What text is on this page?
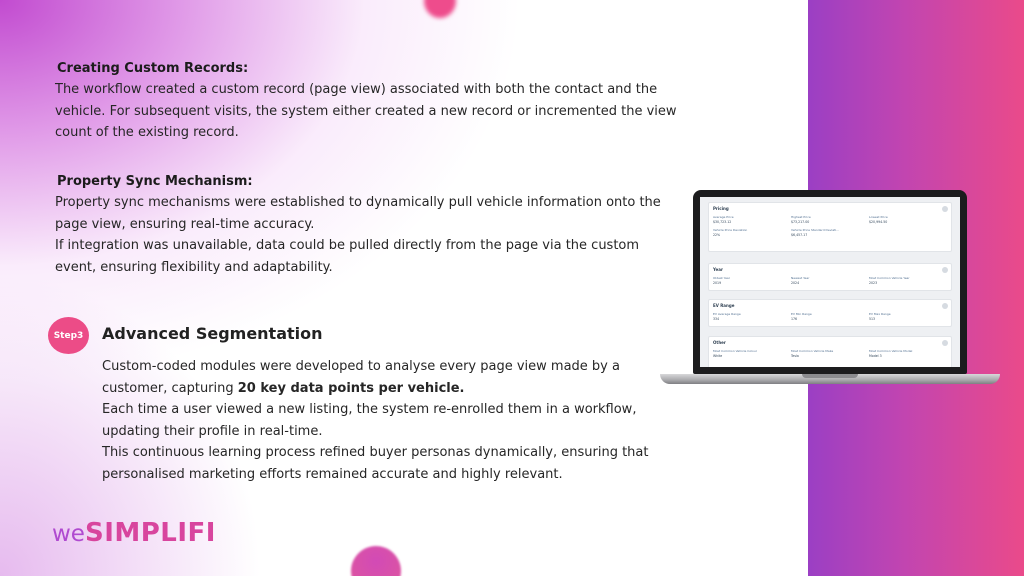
Creating Custom Records:
The workflow created a custom record (page view) associated with both the contact and the
vehicle. For subsequent visits, the system either created a new record or incremented the view
count of the existing record.
Property Sync Mechanism:
Property sync mechanisms were established to dynamically pull vehicle information onto the
page view, ensuring real-time accuracy.
If integration was unavailable, data could be pulled directly from the page via the custom
event, ensuring flexibility and adaptability.
Step3	Advanced Segmentation
Custom-coded modules were developed to analyse every page view made by a
customer, capturing 20 key data points per vehicle.
Each time a user viewed a new listing, the system re-enrolled them in a workflow,
updating their profile in real-time.
This continuous learning process refined buyer personas dynamically, ensuring that
personalised marketing efforts remained accurate and highly relevant.
weSIMPLIFI
Pricing
Average Price
$30,723.12
Highest Price
$73,217.00
Lowest Price
$20,994.50
Vehicle Price Deviation
22%
Vehicle Price Standard Deviati...
$6,457.17
Year
Oldest Year
2019
Newest Year
2024
Most Common Vehicle Year
2023
EV Range
EV Average Range
334
EV Min Range
176
EV Max Range
513
Other
Most Common Vehicle Colour
White
Most Common Vehicle Make
Tesla
Most Common Vehicle Model
Model 3
